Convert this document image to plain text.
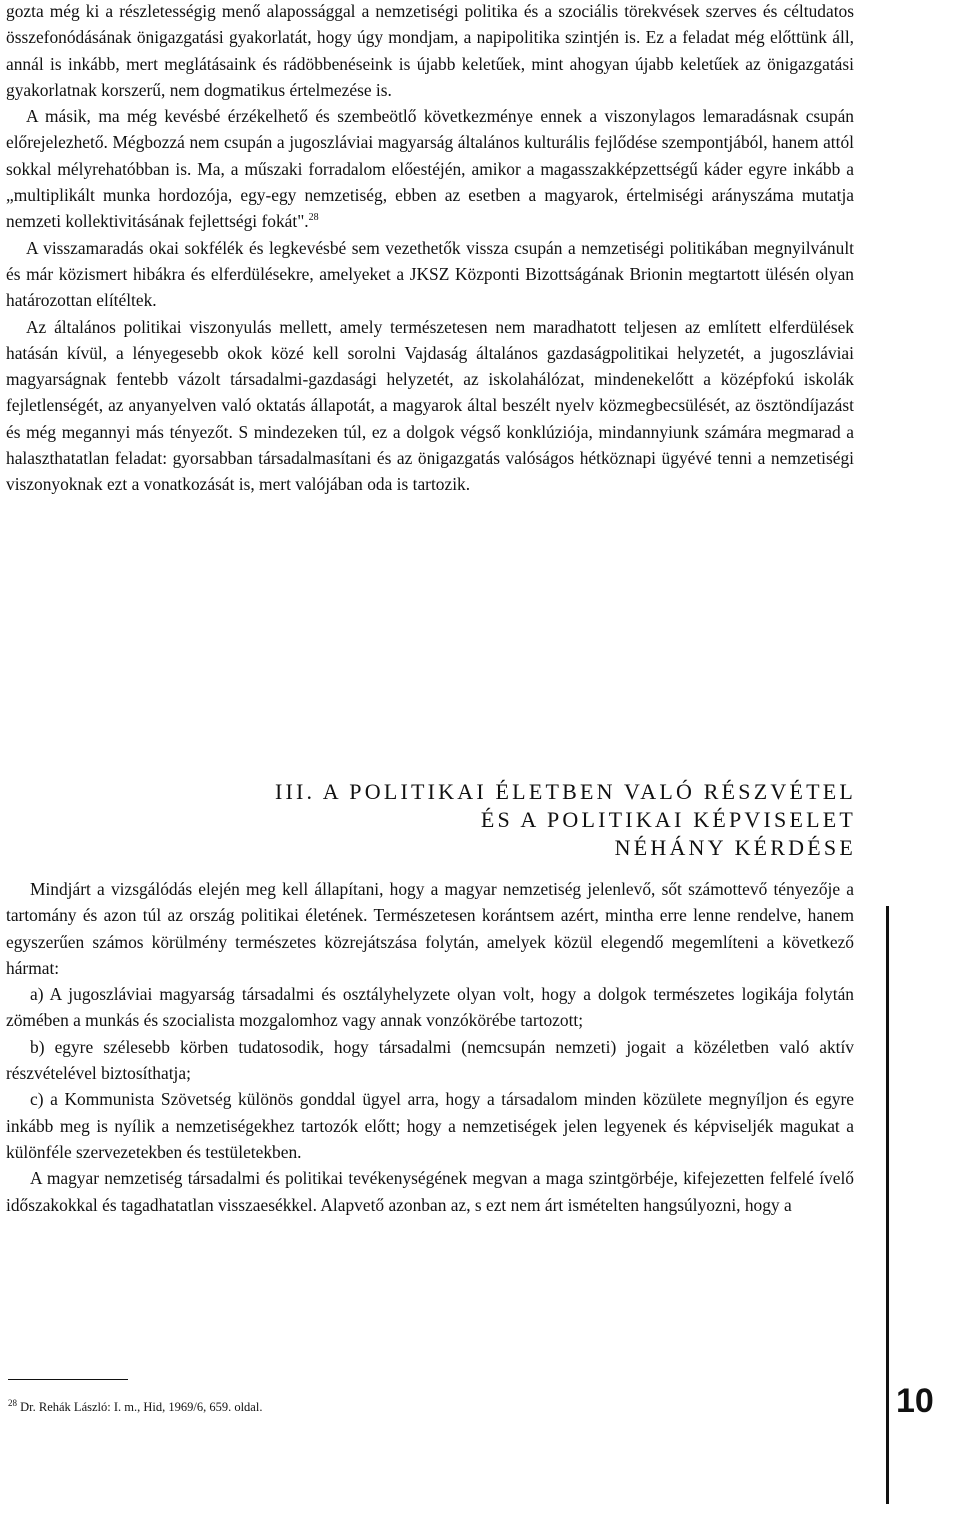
gozta még ki a részletességig menő alapossággal a nemzetiségi politika és a szociális törekvések szerves és céltudatos összefonódásának önigazgatási gyakorlatát, hogy úgy mondjam, a napipolitika szintjén is. Ez a feladat még előttünk áll, annál is inkább, mert meglátásaink és rádöbbenéseink is újabb keletűek, mint ahogyan újabb keletűek az önigazgatási gyakorlatnak korszerű, nem dogmatikus értelmezése is.

A másik, ma még kevésbé érzékelhető és szembeötlő következménye ennek a viszonylagos lemaradásnak csupán előrejelezhető. Mégbozzá nem csupán a jugoszláviai magyarság általános kulturális fejlődése szempontjából, hanem attól sokkal mélyrehatóbban is. Ma, a műszaki forradalom előestéjén, amikor a magasszakképzettségű káder egyre inkább a „multiplikált munka hordozója, egy-egy nemzetiség, ebben az esetben a magyarok, értelmiségi arányszáma mutatja nemzeti kollektivitásának fejlettségi fokát".$^{28}$

A visszamaradás okai sokfélék és legkevésbé sem vezethetők vissza csupán a nemzetiségi politikában megnyilvánult és már közismert hibákra és elferdülésekre, amelyeket a JKSZ Központi Bizottságának Brionin megtartott ülésén olyan határozottan elítéltek.

Az általános politikai viszonyulás mellett, amely természetesen nem maradhatott teljesen az említett elferdülések hatásán kívül, a lényegesebb okok közé kell sorolni Vajdaság általános gazdaságpolitikai helyzetét, a jugoszláviai magyarságnak fentebb vázolt társadalmi-gazdasági helyzetét, az iskolahálózat, mindenekelőtt a középfokú iskolák fejletlenségét, az anyanyelven való oktatás állapotát, a magyarok által beszélt nyelv közmegbecsülését, az ösztöndíjazást és még megannyi más tényezőt. S mindezeken túl, ez a dolgok végső konklúziója, mindannyiunk számára megmarad a halaszthatatlan feladat: gyorsabban társadalmasítani és az önigazgatás valóságos hétköznapi ügyévé tenni a nemzetiségi viszonyoknak ezt a vonatkozását is, mert valójában oda is tartozik.

III. A POLITIKAI ÉLETBEN VALÓ RÉSZVÉTEL
ÉS A POLITIKAI KÉPVISELET
NÉHÁNY KÉRDÉSE

Mindjárt a vizsgálódás elején meg kell állapítani, hogy a magyar nemzetiség jelenlevő, sőt számottevő tényezője a tartomány és azon túl az ország politikai életének. Természetesen korántsem azért, mintha erre lenne rendelve, hanem egyszerűen számos körülmény természetes közrejátszása folytán, amelyek közül elegendő megemlíteni a következő hármat:

a) A jugoszláviai magyarság társadalmi és osztályhelyzete olyan volt, hogy a dolgok természetes logikája folytán zömében a munkás és szocialista mozgalomhoz vagy annak vonzókörébe tartozott;

b) egyre szélesebb körben tudatosodik, hogy társadalmi (nemcsupán nemzeti) jogait a közéletben való aktív részvételével biztosíthatja;

c) a Kommunista Szövetség különös gonddal ügyel arra, hogy a társadalom minden közülete megnyíljon és egyre inkább meg is nyílik a nemzetiségekhez tartozók előtt; hogy a nemzetiségek jelen legyenek és képviseljék magukat a különféle szervezetekben és testületekben.

A magyar nemzetiség társadalmi és politikai tevékenységének megvan a maga szintgörbéje, kifejezetten felfelé ívelő időszakokkal és tagadhatatlan visszaesékkel. Alapvető azonban az, s ezt nem árt ismételten hangsúlyozni, hogy a

$^{28}$ Dr. Rehák László: I. m., Hid, 1969/6, 659. oldal.	10
